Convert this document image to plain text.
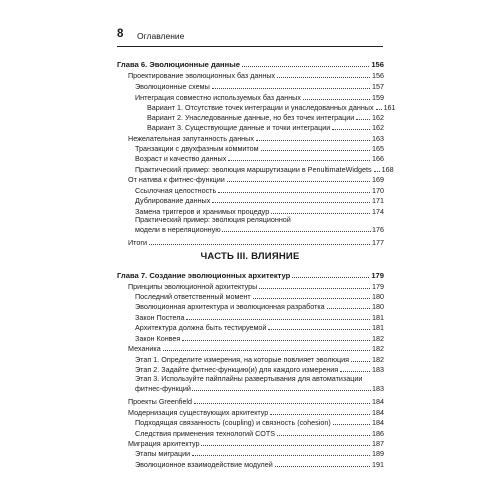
8 Оглавление
Глава 6. Эволюционные данные	156
Проектирование эволюционных баз данных	156
Эволюционные схемы	157
Интеграция совместно используемых баз данных	159
Вариант 1. Отсутствие точек интеграции и унаследованных данных 161
Вариант 2. Унаследованные данные, но без точек интеграции 162
Вариант 3. Существующие данные и точки интеграции	162
Нежелательная запутанность данных	163
Транзакции с двухфазным коммитом	165
Возраст и качество данных	166
Практический пример: эволюция маршрутизации в PenultimateWidgets 168
От натива к фитнес-функции	169
Ссылочная целостность	170
Дублирование данных	171
Замена триггеров и хранимых процедур	174
Практический пример: эволюция реляционной
модели в нереляционную	176
Итоги	177
Глава 7. Создание эволюционных архитектур	179
Принципы эволюционной архитектуры	179
Последний ответственный момент	180
Эволюционная архитектура и эволюционная разработка	180
Закон Постела	181
Архитектура должна быть тестируемой	181
Закон Конвея	182
Механика	182
Этап 1. Определите измерения, на которые повлияет эволюция	182
Этап 2. Задайте фитнес-функцию(и) для каждого измерения	183
Этап 3. Используйте пайплайны развертывания для автоматизации
фитнес-функций	183
Проекты Greenfield	184
Модернизация существующих архитектур	184
Подходящая связанность (coupling) и связность (cohesion)	184
Следствия применения технологий COTS	186
Миграция архитектур	187
Этапы миграции	189
Эволюционное взаимодействие модулей	191
ЧАСТЬ III. ВЛИЯНИЕ
